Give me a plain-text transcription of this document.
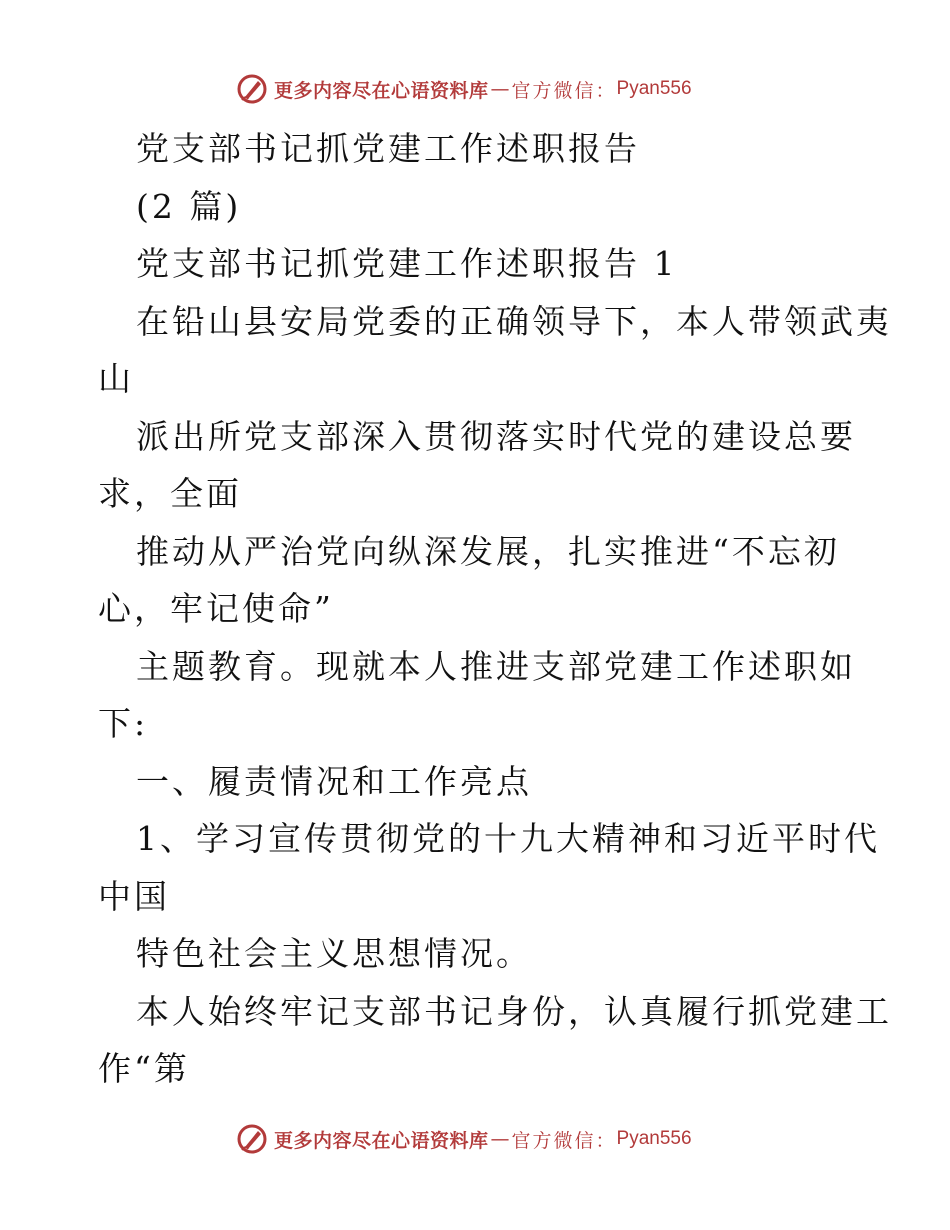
更多内容尽在心语资料库 — 官方微信： Pyan556
党支部书记抓党建工作述职报告
(2 篇)
党支部书记抓党建工作述职报告 1
在铅山县安局党委的正确领导下，本人带领武夷
山
派出所党支部深入贯彻落实时代党的建设总要
求，全面
推动从严治党向纵深发展，扎实推进“不忘初
心，牢记使命”
主题教育。现就本人推进支部党建工作述职如
下:
一、履责情况和工作亮点
1、学习宣传贯彻党的十九大精神和习近平时代
中国
特色社会主义思想情况。
本人始终牢记支部书记身份，认真履行抓党建工
作“第
更多内容尽在心语资料库 — 官方微信： Pyan556
